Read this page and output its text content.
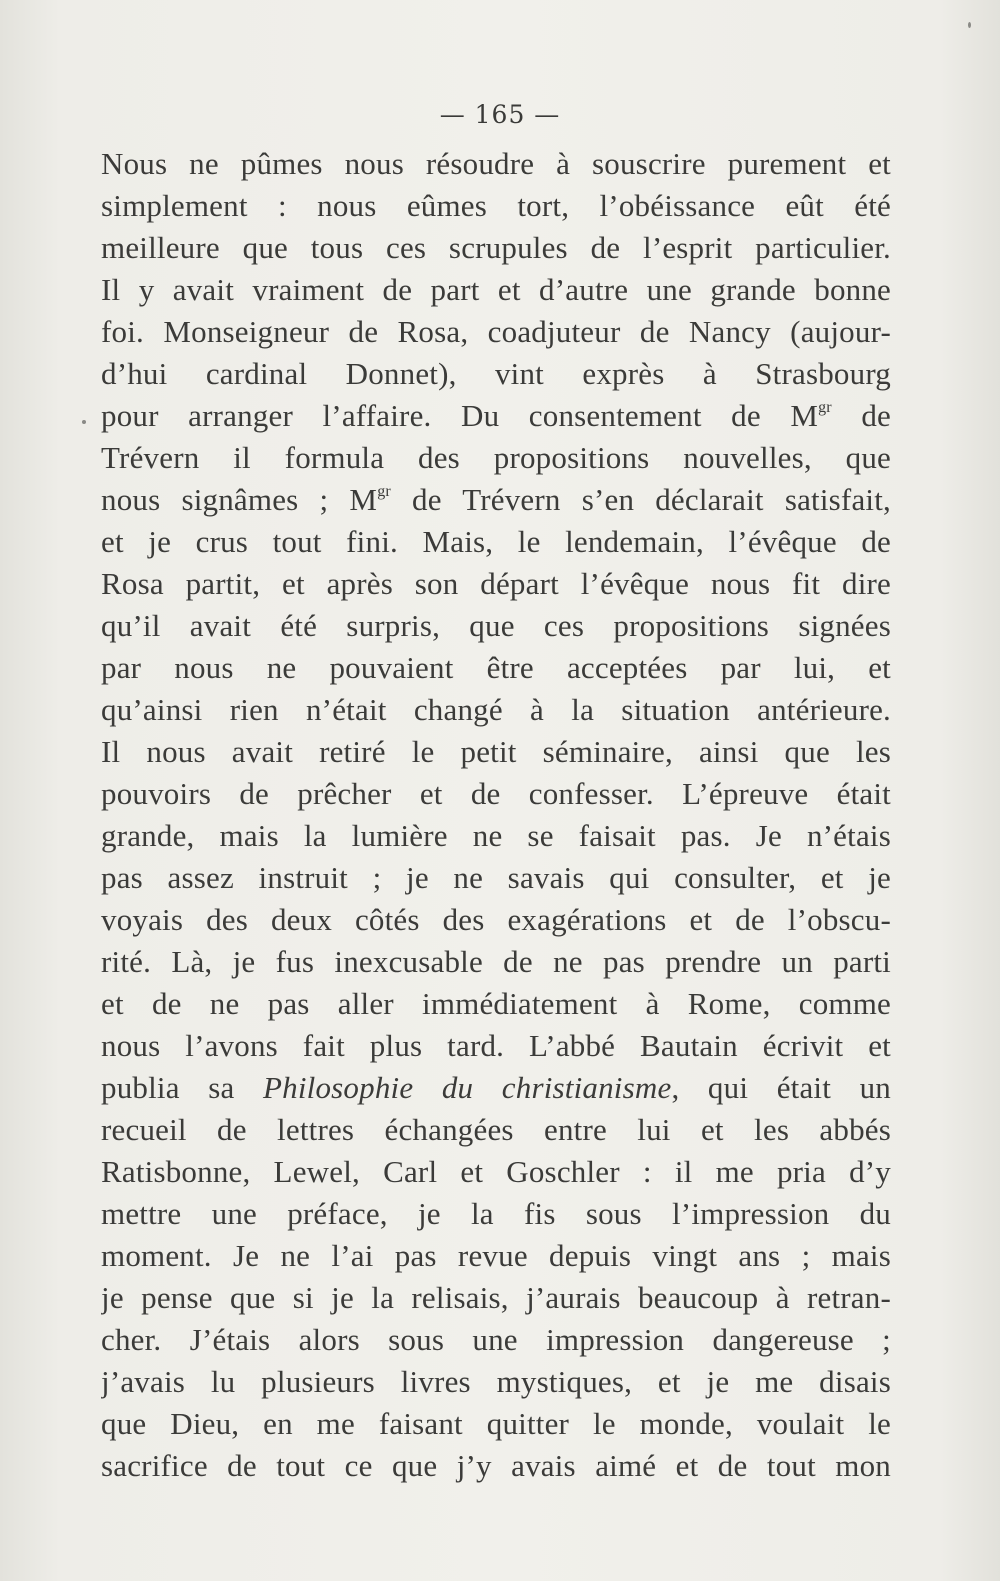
— 165 —
Nous ne pûmes nous résoudre à souscrire purement et
simplement : nous eûmes tort, l’obéissance eût été
meilleure que tous ces scrupules de l’esprit particulier.
Il y avait vraiment de part et d’autre une grande bonne
foi. Monseigneur de Rosa, coadjuteur de Nancy (aujour-
d’hui cardinal Donnet), vint exprès à Strasbourg
pour arranger l’affaire. Du consentement de $M^{gr}$ de
Trévern il formula des propositions nouvelles, que
nous signâmes ; $M^{gr}$ de Trévern s’en déclarait satisfait,
et je crus tout fini. Mais, le lendemain, l’évêque de
Rosa partit, et après son départ l’évêque nous fit dire
qu’il avait été surpris, que ces propositions signées
par nous ne pouvaient être acceptées par lui, et
qu’ainsi rien n’était changé à la situation antérieure.
Il nous avait retiré le petit séminaire, ainsi que les
pouvoirs de prêcher et de confesser. L’épreuve était
grande, mais la lumière ne se faisait pas. Je n’étais
pas assez instruit ; je ne savais qui consulter, et je
voyais des deux côtés des exagérations et de l’obscu-
rité. Là, je fus inexcusable de ne pas prendre un parti
et de ne pas aller immédiatement à Rome, comme
nous l’avons fait plus tard. L’abbé Bautain écrivit et
publia sa Philosophie du christianisme, qui était un
recueil de lettres échangées entre lui et les abbés
Ratisbonne, Lewel, Carl et Goschler : il me pria d’y
mettre une préface, je la fis sous l’impression du
moment. Je ne l’ai pas revue depuis vingt ans ; mais
je pense que si je la relisais, j’aurais beaucoup à retran-
cher. J’étais alors sous une impression dangereuse ;
j’avais lu plusieurs livres mystiques, et je me disais
que Dieu, en me faisant quitter le monde, voulait le
sacrifice de tout ce que j’y avais aimé et de tout mon
